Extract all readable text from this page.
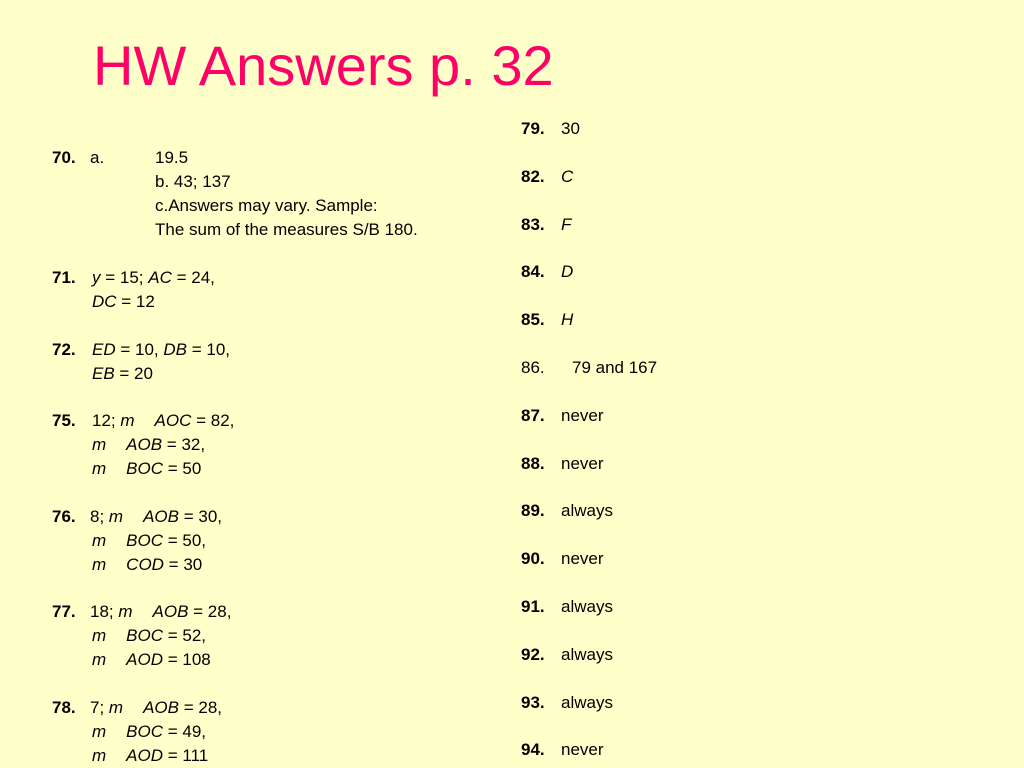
HW Answers p. 32
70. a.	19.5
b. 43; 137
c.Answers may vary. Sample:
The sum of the measures S/B 180.
71. y = 15; AC = 24,
DC = 12
72. ED = 10, DB = 10,
EB = 20
75. 12; m AOC = 82,
m AOB = 32,
m BOC = 50
76. 8; m AOB = 30,
m BOC = 50,
m COD = 30
77. 18; m AOB = 28,
m BOC = 52,
m AOD = 108
78. 7; m AOB = 28,
m BOC = 49,
m AOD = 111
79. 30
82. C
83. F
84. D
85. H
86. 79 and 167
87. never
88. never
89. always
90. never
91. always
92. always
93. always
94. never
